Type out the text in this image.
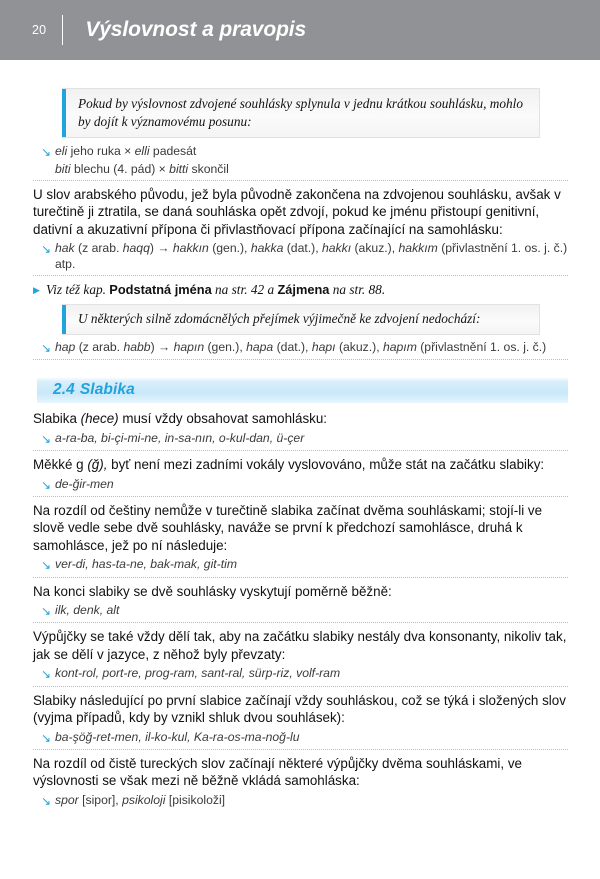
20 Výslovnost a pravopis
Pokud by výslovnost zdvojené souhlásky splynula v jednu krátkou souhlásku, mohlo by dojít k významovému posunu:
↘ eli jeho ruka × elli padesát
biti blechu (4. pád) × bitti skončil

U slov arabského původu, jež byla původně zakončena na zdvojenou souhlásku, avšak v turečtině ji ztratila, se daná souhláska opět zdvojí, pokud ke jménu přistoupí genitivní, dativní a akuzativní přípona či přivlastňovací přípona začínající na samohlásku:

↘ hak (z arab. haqq) → hakkın (gen.), hakka (dat.), hakkı (akuz.), hakkım (přivlastnění 1. os. j. č.) atp.
▶ Viz též kap. Podstatná jména na str. 42 a Zájmena na str. 88.
U některých silně zdomácnělých přejímek výjimečně ke zdvojení nedochází:
↘ hap (z arab. habb) → hapın (gen.), hapa (dat.), hapı (akuz.), hapım (přivlastnění 1. os. j. č.)
2.4 Slabika

Slabika (hece) musí vždy obsahovat samohlásku:

↘ a-ra-ba, bi-çi-mi-ne, in-sa-nın, o-kul-dan, ü-çer

Měkké g (ğ), byť není mezi zadními vokály vyslovováno, může stát na začátku slabiky:

↘ de-ğir-men

Na rozdíl od češtiny nemůže v turečtině slabika začínat dvěma souhláskami; stojí-li ve slově vedle sebe dvě souhlásky, naváže se první k předchozí samohlásce, druhá k samohlásce, jež po ní následuje:

↘ ver-di, has-ta-ne, bak-mak, git-tim

Na konci slabiky se dvě souhlásky vyskytují poměrně běžně:

↘ ilk, denk, alt

Výpůjčky se také vždy dělí tak, aby na začátku slabiky nestály dva konsonanty, nikoliv tak, jak se dělí v jazyce, z něhož byly převzaty:

↘ kont-rol, port-re, prog-ram, sant-ral, sürp-riz, volf-ram

Slabiky následující po první slabice začínají vždy souhláskou, což se týká i složených slov (vyjma případů, kdy by vznikl shluk dvou souhlásek):

↘ ba-şöğ-ret-men, il-ko-kul, Ka-ra-os-ma-noğ-lu

Na rozdíl od čistě tureckých slov začínají některé výpůjčky dvěma souhláskami, ve výslovnosti se však mezi ně běžně vkládá samohláska:

↘ spor [sipor], psikoloji [pisikoloži]
